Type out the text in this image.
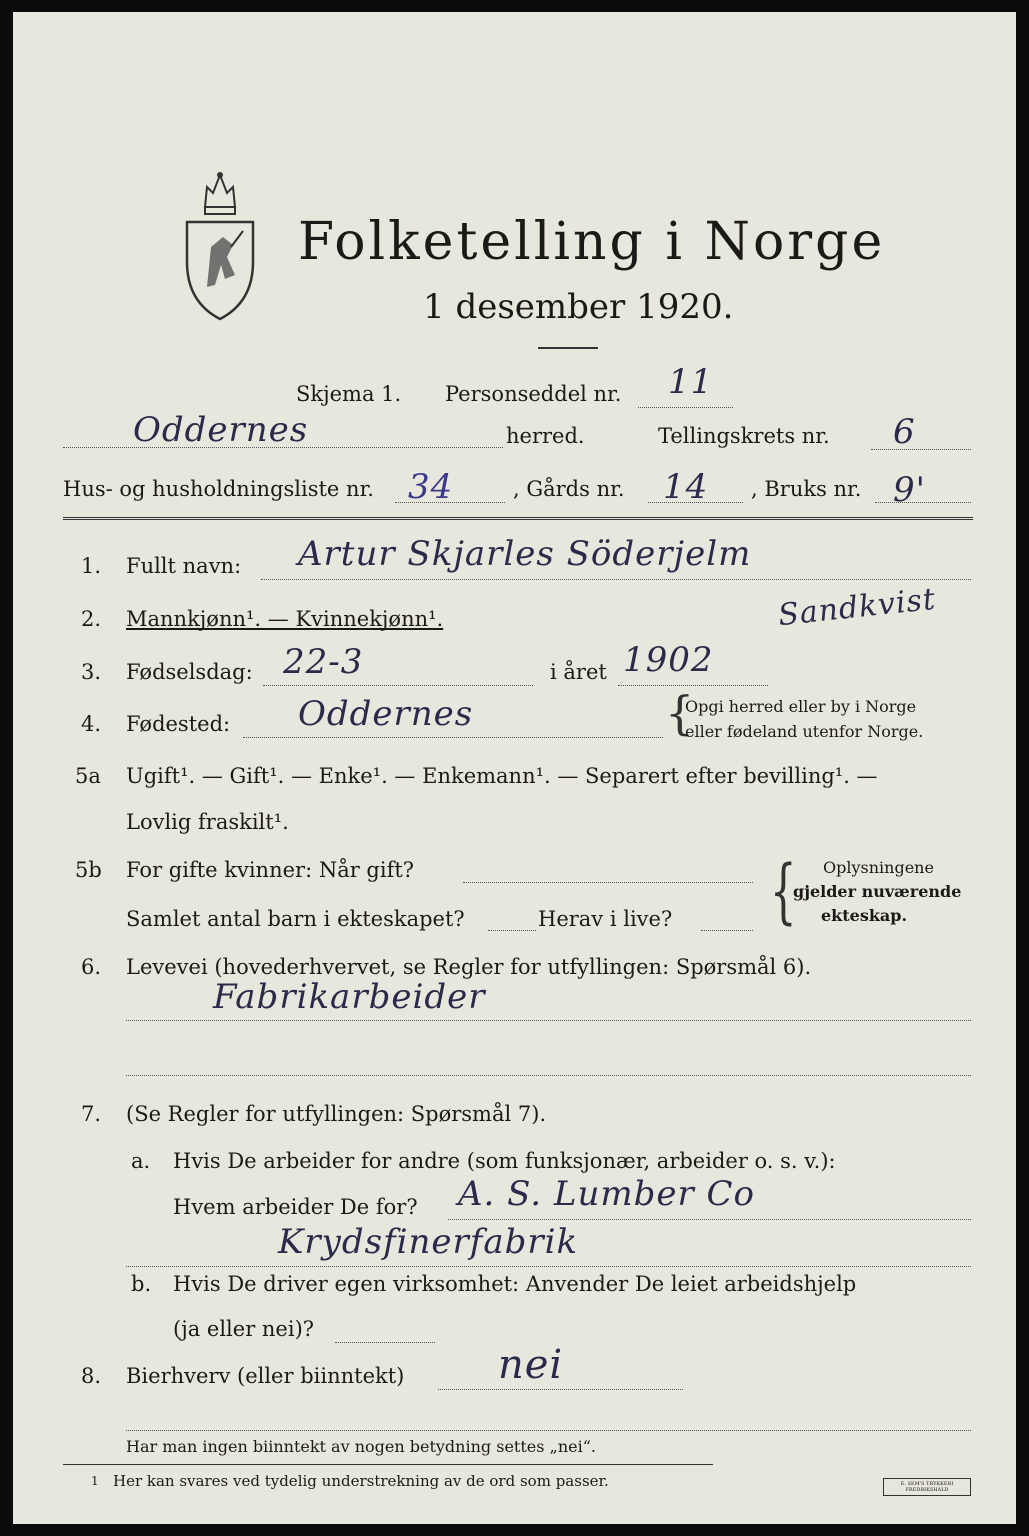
Folketelling i Norge
1 desember 1920.
Skjema 1. Personseddel nr. 11
Oddernes	herred.	Tellingskrets nr. 6
Hus- og husholdningsliste nr. 34	, Gårds nr. 14 , Bruks nr. 9'
1. Fullt navn: Artur Skjarles Söderjelm
Sandkvist
2. Mannkjønn¹. — Kvinnekjønn¹.
3. Fødselsdag: 22-3	i året 1902
4. Fødested: Oddernes	{
Opgi herred eller by i Norge
eller fødeland utenfor Norge.
5a Ugift¹. — Gift¹. — Enke¹. — Enkemann¹. — Separert efter bevilling¹. —
Lovlig fraskilt¹.
5b For gifte kvinner: Når gift?
Samlet antal barn i ekteskapet?	Herav i live? { Oplysningene
gjelder nuværende
ekteskap.
6. Levevei (hovederhvervet, se Regler for utfyllingen: Spørsmål 6).
Fabrikarbeider
7. (Se Regler for utfyllingen: Spørsmål 7).
a. Hvis De arbeider for andre (som funksjonær, arbeider o. s. v.):
Hvem arbeider De for? A. S. Lumber Co
Krydsfinerfabrik
b. Hvis De driver egen virksomhet: Anvender De leiet arbeidshjelp
(ja eller nei)?
8. Bierhverv (eller biinntekt) nei
Har man ingen biinntekt av nogen betydning settes „nei“.
1 Her kan svares ved tydelig understrekning av de ord som passer.	E. SEM'S TRYKKERI FREDRIKSHALD
